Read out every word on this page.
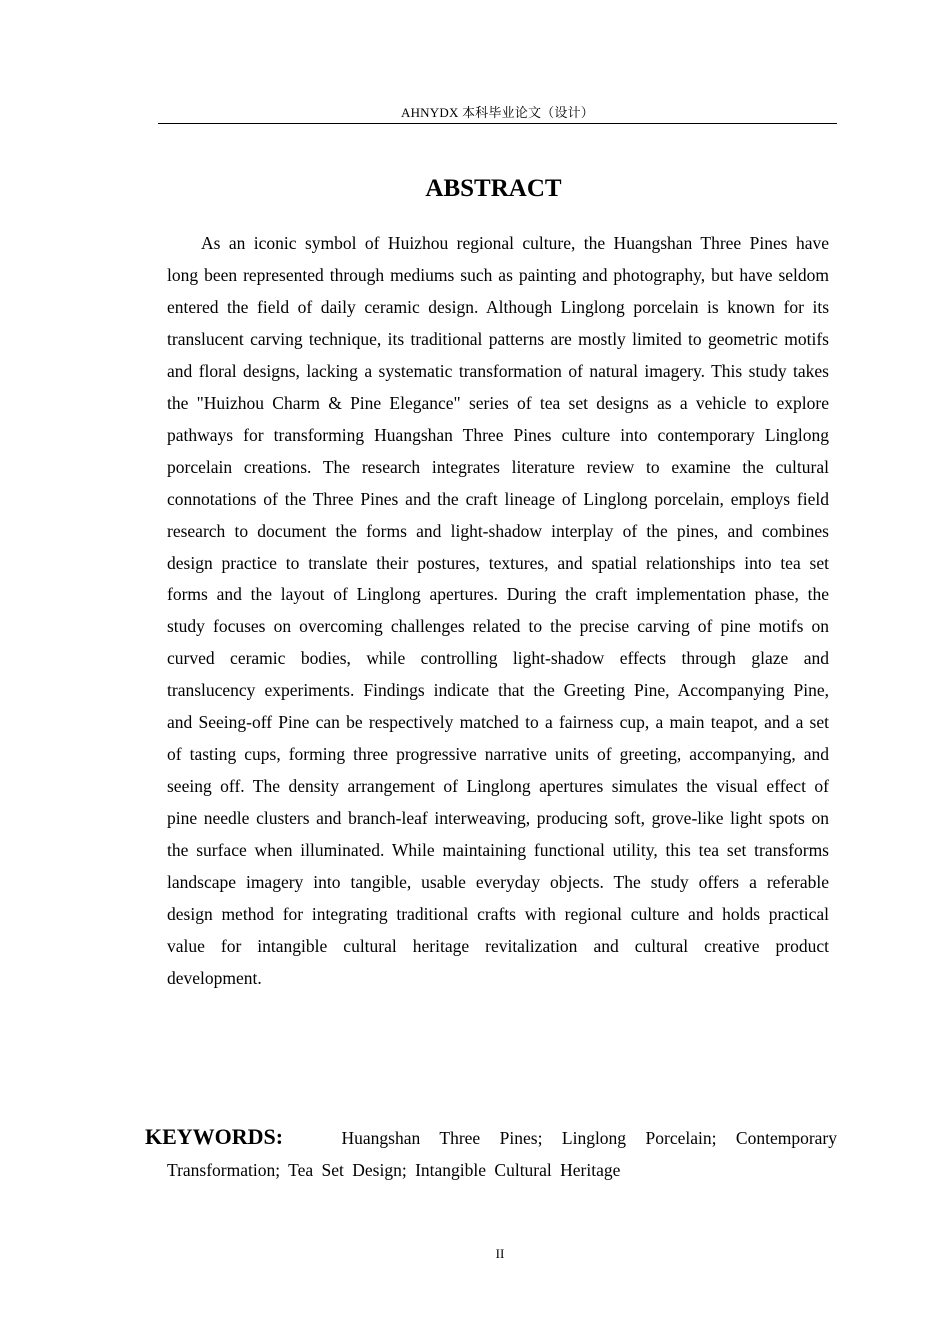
AHNYDX 本科毕业论文（设计）
ABSTRACT

As an iconic symbol of Huizhou regional culture, the Huangshan Three Pines have long been represented through mediums such as painting and photography, but have seldom entered the field of daily ceramic design. Although Linglong porcelain is known for its translucent carving technique, its traditional patterns are mostly limited to geometric motifs and floral designs, lacking a systematic transformation of natural imagery. This study takes the "Huizhou Charm & Pine Elegance" series of tea set designs as a vehicle to explore pathways for transforming Huangshan Three Pines culture into contemporary Linglong porcelain creations. The research integrates literature review to examine the cultural connotations of the Three Pines and the craft lineage of Linglong porcelain, employs field research to document the forms and light-shadow interplay of the pines, and combines design practice to translate their postures, textures, and spatial relationships into tea set forms and the layout of Linglong apertures. During the craft implementation phase, the study focuses on overcoming challenges related to the precise carving of pine motifs on curved ceramic bodies, while controlling light-shadow effects through glaze and translucency experiments. Findings indicate that the Greeting Pine, Accompanying Pine, and Seeing-off Pine can be respectively matched to a fairness cup, a main teapot, and a set of tasting cups, forming three progressive narrative units of greeting, accompanying, and seeing off. The density arrangement of Linglong apertures simulates the visual effect of pine needle clusters and branch-leaf interweaving, producing soft, grove-like light spots on the surface when illuminated. While maintaining functional utility, this tea set transforms landscape imagery into tangible, usable everyday objects. The study offers a referable design method for integrating traditional crafts with regional culture and holds practical value for intangible cultural heritage revitalization and cultural creative product development.

KEYWORDS:	Huangshan Three Pines; Linglong Porcelain; Contemporary
Transformation; Tea Set Design; Intangible Cultural Heritage
II
